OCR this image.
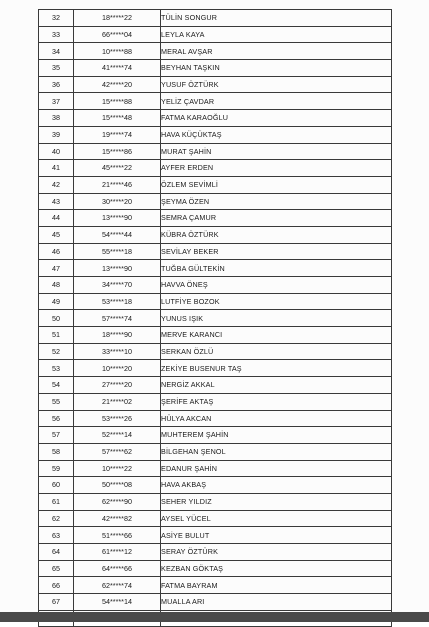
32	18*****22	TÜLİN SONGUR
33	66*****04	LEYLA KAYA
34	10*****88	MERAL AVŞAR
35	41*****74	BEYHAN TAŞKIN
36	42*****20	YUSUF ÖZTÜRK
37	15*****88	YELİZ ÇAVDAR
38	15*****48	FATMA KARAOĞLU
39	19*****74	HAVA KÜÇÜKTAŞ
40	15*****86	MURAT ŞAHİN
41	45*****22	AYFER ERDEN
42	21*****46	ÖZLEM SEVİMLİ
43	30*****20	ŞEYMA ÖZEN
44	13*****90	SEMRA ÇAMUR
45	54*****44	KÜBRA ÖZTÜRK
46	55*****18	SEVİLAY BEKER
47	13*****90	TUĞBA GÜLTEKİN
48	34*****70	HAVVA ÖNEŞ
49	53*****18	LUTFİYE BOZOK
50	57*****74	YUNUS IŞIK
51	18*****90	MERVE KARANCI
52	33*****10	SERKAN ÖZLÜ
53	10*****20	ZEKİYE BUSENUR TAŞ
54	27*****20	NERGİZ AKKAL
55	21*****02	ŞERİFE AKTAŞ
56	53*****26	HÜLYA AKCAN
57	52*****14	MUHTEREM ŞAHİN
58	57*****62	BİLGEHAN ŞENOL
59	10*****22	EDANUR ŞAHİN
60	50*****08	HAVA AKBAŞ
61	62*****90	SEHER YILDIZ
62	42*****82	AYSEL YÜCEL
63	51*****66	ASİYE BULUT
64	61*****12	SERAY ÖZTÜRK
65	64*****66	KEZBAN GÖKTAŞ
66	62*****74	FATMA BAYRAM
67	54*****14	MUALLA ARI
